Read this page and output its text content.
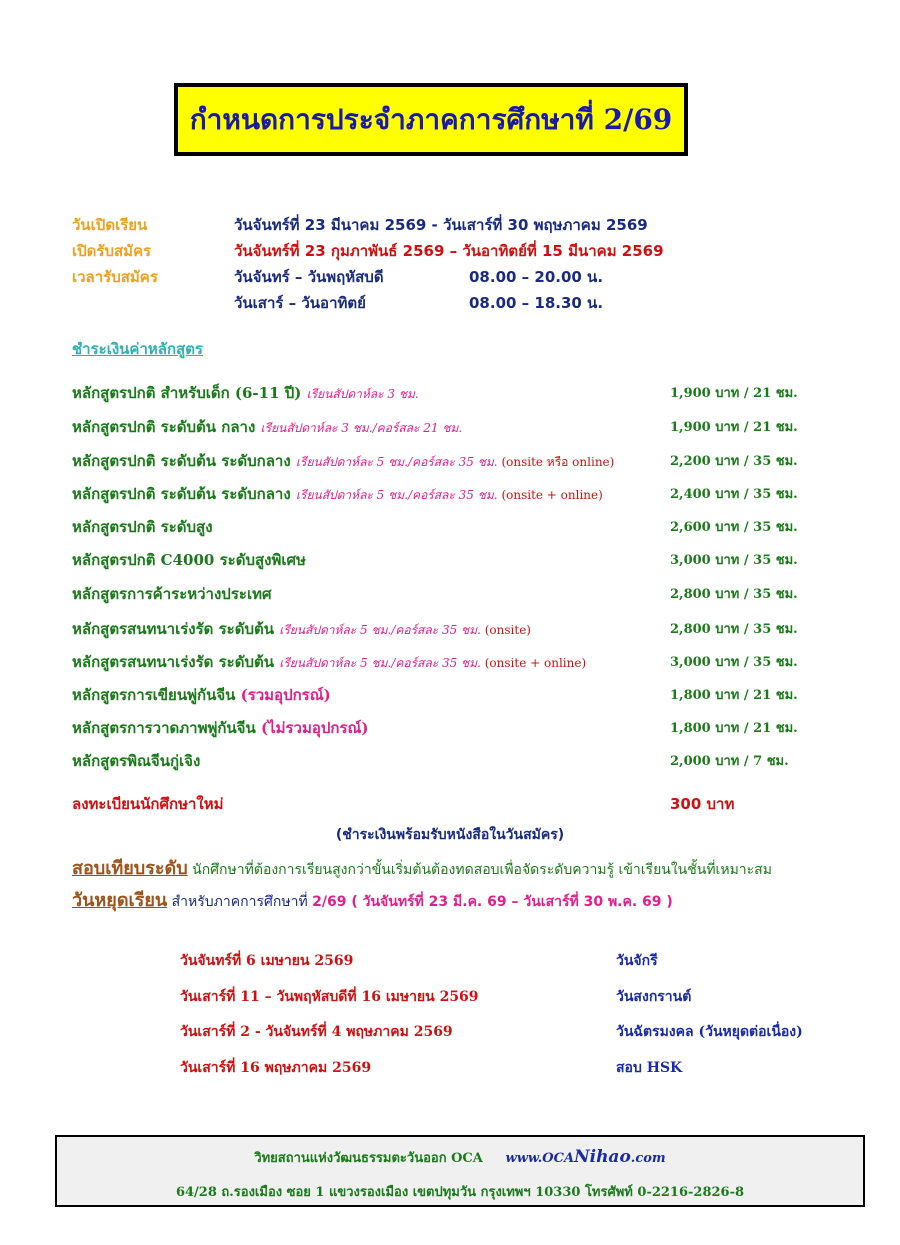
กำหนดการประจำภาคการศึกษาที่ 2/69
วันเปิดเรียน	วันจันทร์ที่ 23 มีนาคม 2569 - วันเสาร์ที่ 30 พฤษภาคม 2569
เปิดรับสมัคร	วันจันทร์ที่ 23 กุมภาพันธ์ 2569 – วันอาทิตย์ที่ 15 มีนาคม 2569
เวลารับสมัคร	วันจันทร์ – วันพฤหัสบดี	08.00 – 20.00 น.
วันเสาร์ – วันอาทิตย์	08.00 – 18.30 น.
ชำระเงินค่าหลักสูตร
หลักสูตรปกติ สำหรับเด็ก (6-11 ปี) เรียนสัปดาห์ละ 3 ชม.	1,900 บาท / 21 ชม.
หลักสูตรปกติ ระดับต้น กลาง เรียนสัปดาห์ละ 3 ชม./คอร์สละ 21 ชม.	1,900 บาท / 21 ชม.
หลักสูตรปกติ ระดับต้น ระดับกลาง เรียนสัปดาห์ละ 5 ชม./คอร์สละ 35 ชม. (onsite หรือ online)	2,200 บาท / 35 ชม.
หลักสูตรปกติ ระดับต้น ระดับกลาง เรียนสัปดาห์ละ 5 ชม./คอร์สละ 35 ชม. (onsite + online)	2,400 บาท / 35 ชม.
หลักสูตรปกติ ระดับสูง	2,600 บาท / 35 ชม.
หลักสูตรปกติ C4000 ระดับสูงพิเศษ	3,000 บาท / 35 ชม.
หลักสูตรการค้าระหว่างประเทศ	2,800 บาท / 35 ชม.
หลักสูตรสนทนาเร่งรัด ระดับต้น เรียนสัปดาห์ละ 5 ชม./คอร์สละ 35 ชม. (onsite)	2,800 บาท / 35 ชม.
หลักสูตรสนทนาเร่งรัด ระดับต้น เรียนสัปดาห์ละ 5 ชม./คอร์สละ 35 ชม. (onsite + online)	3,000 บาท / 35 ชม.
หลักสูตรการเขียนพู่กันจีน (รวมอุปกรณ์)	1,800 บาท / 21 ชม.
หลักสูตรการวาดภาพพู่กันจีน (ไม่รวมอุปกรณ์)	1,800 บาท / 21 ชม.
หลักสูตรพิณจีนกู่เจิง	2,000 บาท / 7 ชม.
ลงทะเบียนนักศึกษาใหม่	300 บาท
(ชำระเงินพร้อมรับหนังสือในวันสมัคร)
สอบเทียบระดับ นักศึกษาที่ต้องการเรียนสูงกว่าขั้นเริ่มต้นต้องทดสอบเพื่อจัดระดับความรู้ เข้าเรียนในชั้นที่เหมาะสม
วันหยุดเรียน สำหรับภาคการศึกษาที่ 2/69 ( วันจันทร์ที่ 23 มี.ค. 69 – วันเสาร์ที่ 30 พ.ค. 69 )
วันจันทร์ที่ 6 เมษายน 2569	วันจักรี
วันเสาร์ที่ 11 – วันพฤหัสบดีที่ 16 เมษายน 2569	วันสงกรานต์
วันเสาร์ที่ 2 - วันจันทร์ที่ 4 พฤษภาคม 2569	วันฉัตรมงคล (วันหยุดต่อเนื่อง)
วันเสาร์ที่ 16 พฤษภาคม 2569	สอบ HSK
วิทยสถานแห่งวัฒนธรรมตะวันออก OCA www.OCANihao.com
64/28 ถ.รองเมือง ซอย 1 แขวงรองเมือง เขตปทุมวัน กรุงเทพฯ 10330 โทรศัพท์ 0-2216-2826-8
